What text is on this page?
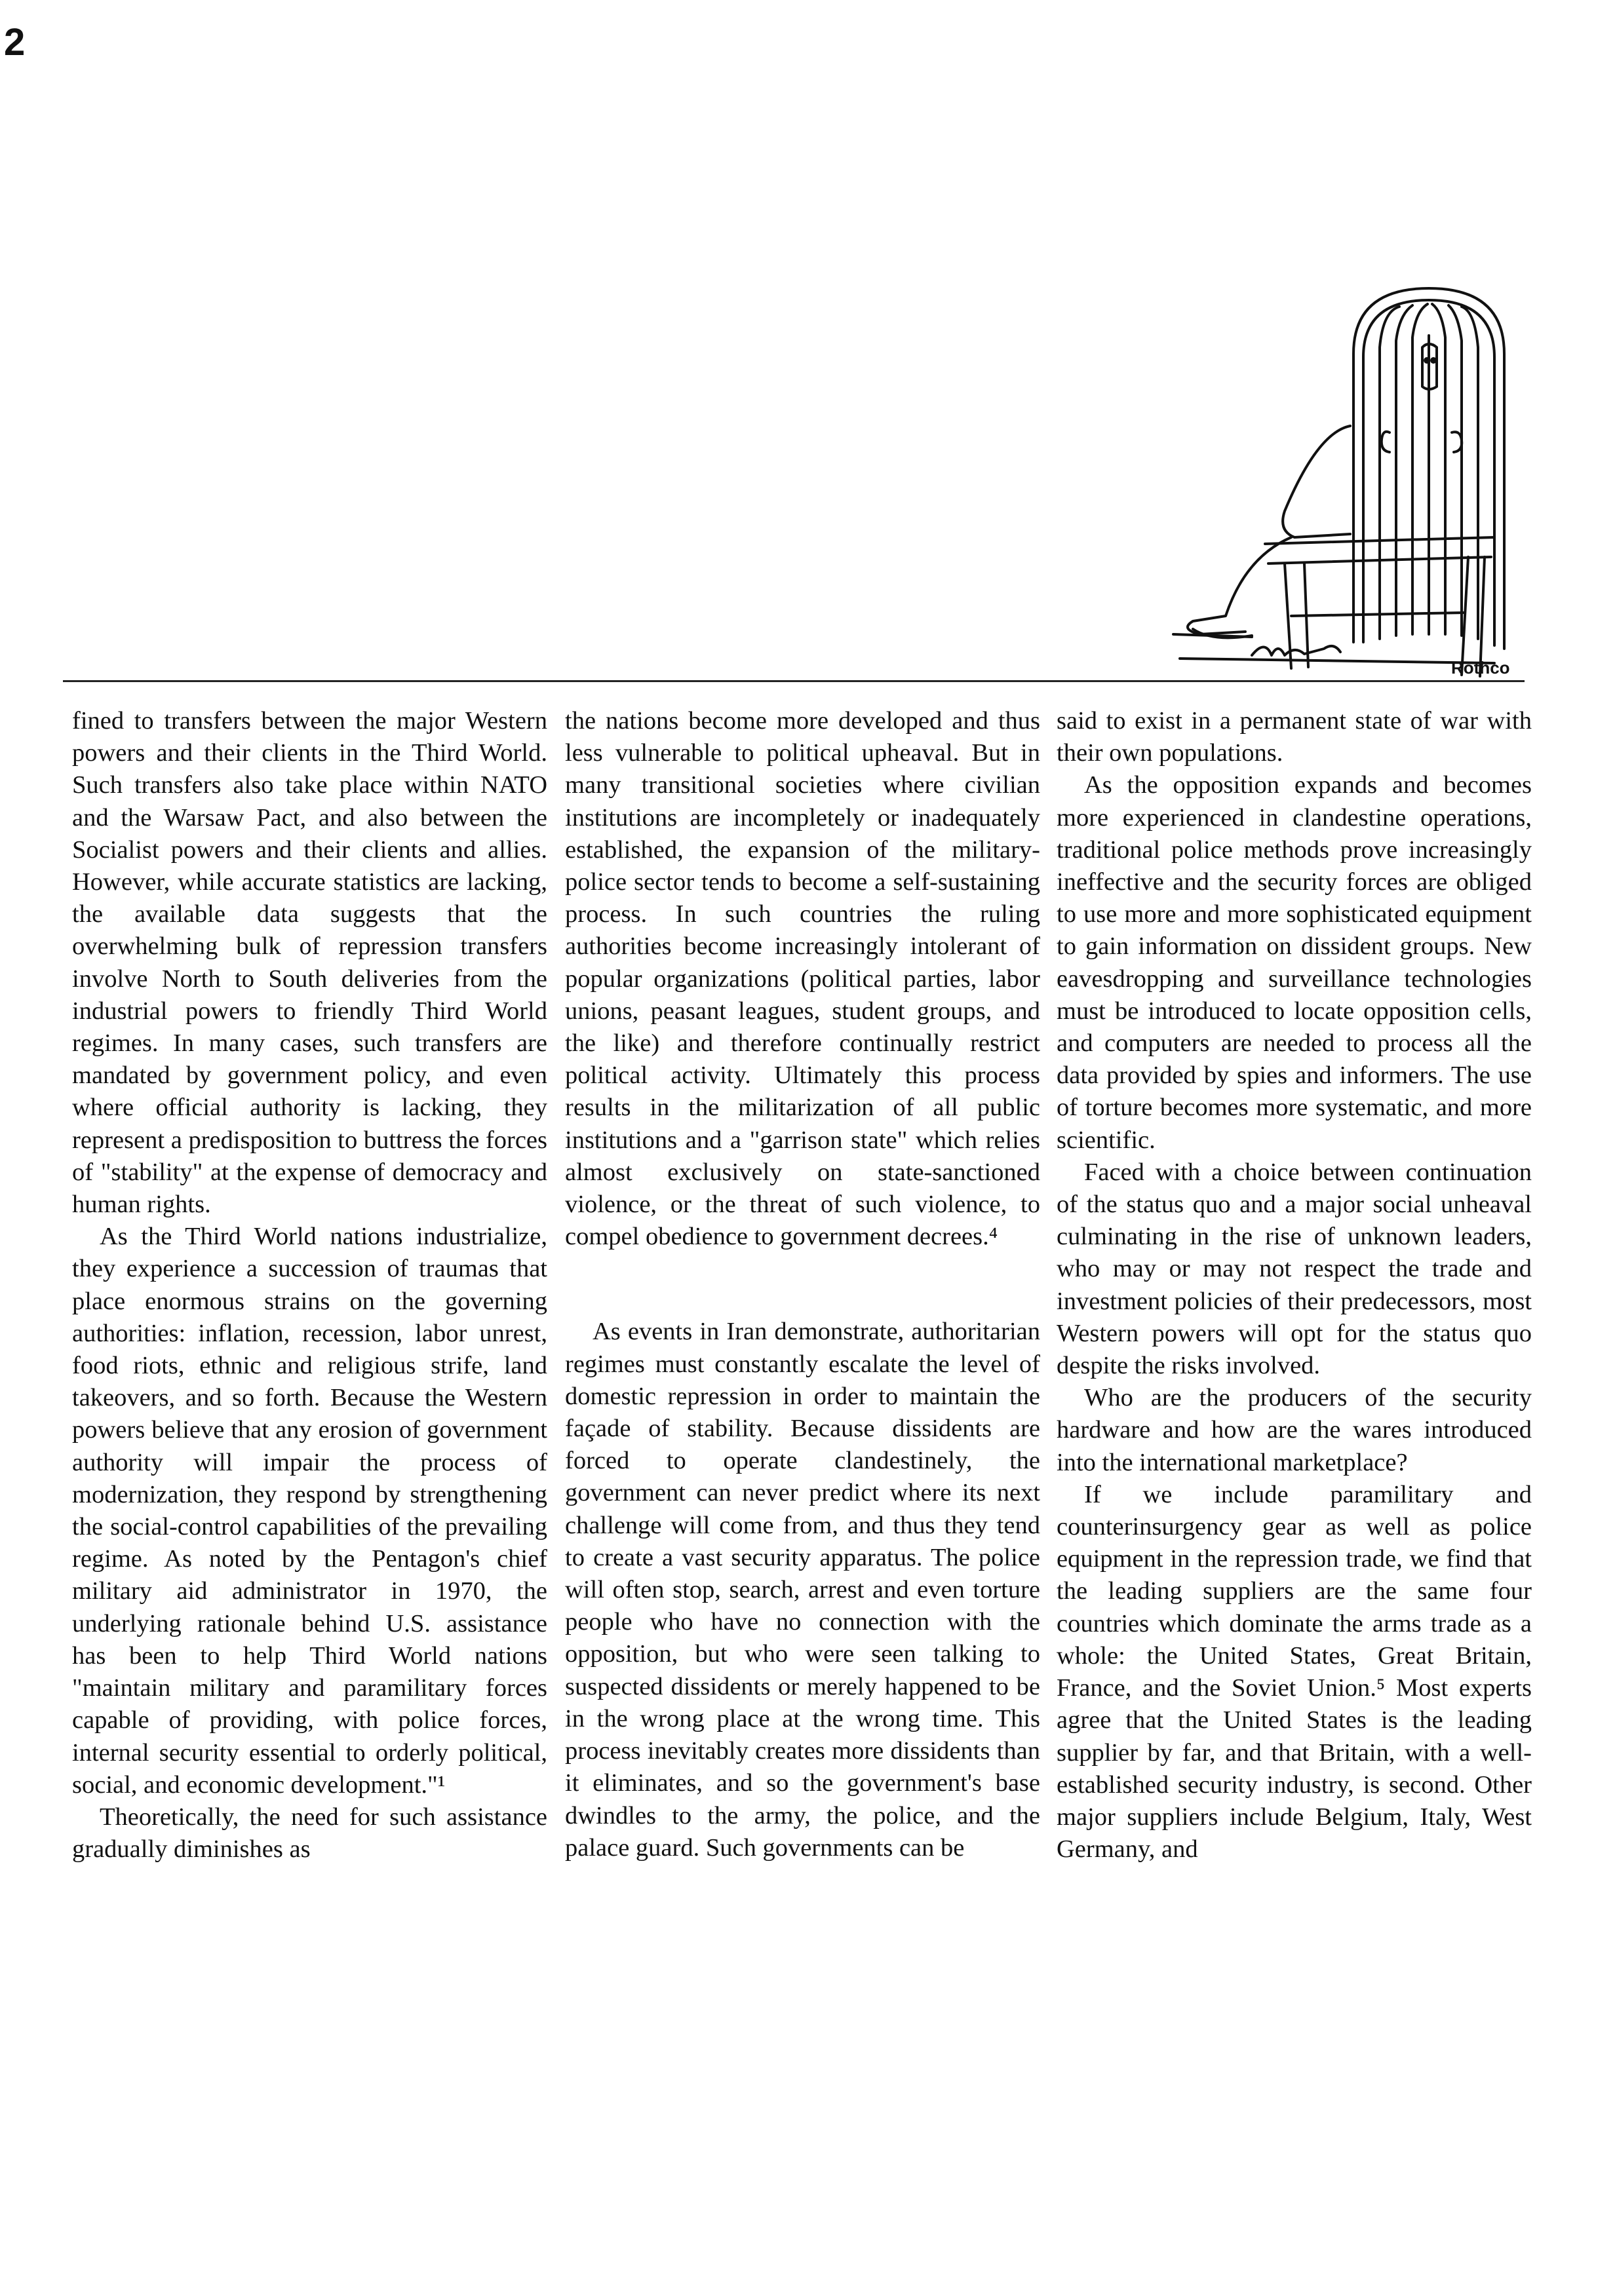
2
Rothco

fined to transfers between the major Western powers and their clients in the Third World. Such transfers also take place within NATO and the Warsaw Pact, and also between the Socialist powers and their clients and allies. However, while accurate statistics are lacking, the available data suggests that the overwhelming bulk of repression transfers involve North to South deliveries from the industrial powers to friendly Third World regimes. In many cases, such transfers are mandated by government policy, and even where official authority is lacking, they represent a predisposition to buttress the forces of "stability" at the expense of democracy and human rights.

As the Third World nations industrialize, they experience a succession of traumas that place enormous strains on the governing authorities: inflation, recession, labor unrest, food riots, ethnic and religious strife, land takeovers, and so forth. Because the Western powers believe that any erosion of government authority will impair the process of modernization, they respond by strengthening the social-control capabilities of the prevailing regime. As noted by the Pentagon's chief military aid administrator in 1970, the underlying rationale behind U.S. assistance has been to help Third World nations "maintain military and paramilitary forces capable of providing, with police forces, internal security essential to orderly political, social, and economic development."¹

Theoretically, the need for such assistance gradually diminishes as

the nations become more developed and thus less vulnerable to political upheaval. But in many transitional societies where civilian institutions are incompletely or inadequately established, the expansion of the military-police sector tends to become a self-sustaining process. In such countries the ruling authorities become increasingly intolerant of popular organizations (political parties, labor unions, peasant leagues, student groups, and the like) and therefore continually restrict political activity. Ultimately this process results in the militarization of all public institutions and a "garrison state" which relies almost exclusively on state-sanctioned violence, or the threat of such violence, to compel obedience to government decrees.⁴

As events in Iran demonstrate, authoritarian regimes must constantly escalate the level of domestic repression in order to maintain the façade of stability. Because dissidents are forced to operate clandestinely, the government can never predict where its next challenge will come from, and thus they tend to create a vast security apparatus. The police will often stop, search, arrest and even torture people who have no connection with the opposition, but who were seen talking to suspected dissidents or merely happened to be in the wrong place at the wrong time. This process inevitably creates more dissidents than it eliminates, and so the government's base dwindles to the army, the police, and the palace guard. Such governments can be

said to exist in a permanent state of war with their own populations.

As the opposition expands and becomes more experienced in clandestine operations, traditional police methods prove increasingly ineffective and the security forces are obliged to use more and more sophisticated equipment to gain information on dissident groups. New eavesdropping and surveillance technologies must be introduced to locate opposition cells, and computers are needed to process all the data provided by spies and informers. The use of torture becomes more systematic, and more scientific.

Faced with a choice between continuation of the status quo and a major social unheaval culminating in the rise of unknown leaders, who may or may not respect the trade and investment policies of their predecessors, most Western powers will opt for the status quo despite the risks involved.

Who are the producers of the security hardware and how are the wares introduced into the international marketplace?

If we include paramilitary and counterinsurgency gear as well as police equipment in the repression trade, we find that the leading suppliers are the same four countries which dominate the arms trade as a whole: the United States, Great Britain, France, and the Soviet Union.⁵ Most experts agree that the United States is the leading supplier by far, and that Britain, with a well-established security industry, is second. Other major suppliers include Belgium, Italy, West Germany, and
